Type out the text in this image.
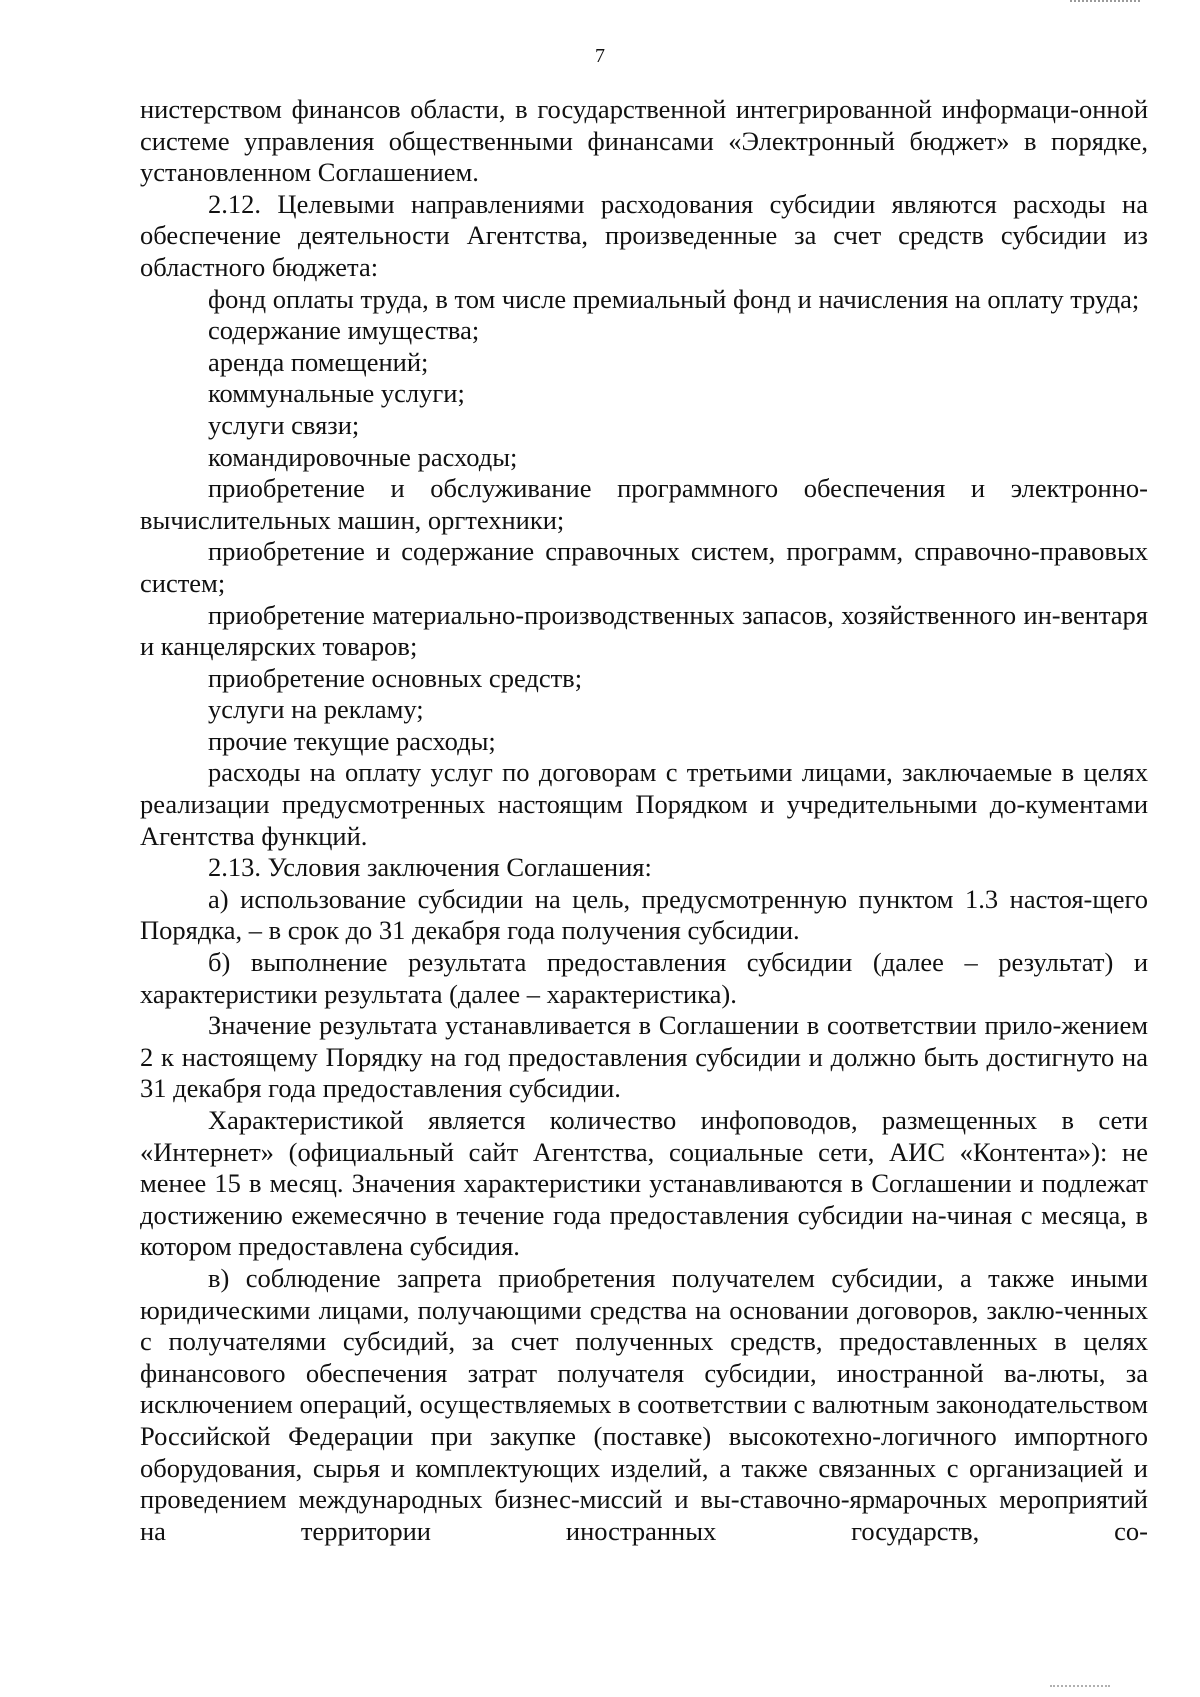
7

нистерством финансов области, в государственной интегрированной информаци-онной системе управления общественными финансами «Электронный бюджет» в порядке, установленном Соглашением.

2.12. Целевыми направлениями расходования субсидии являются расходы на обеспечение деятельности Агентства, произведенные за счет средств субсидии из областного бюджета:

фонд оплаты труда, в том числе премиальный фонд и начисления на оплату труда;

содержание имущества;

аренда помещений;

коммунальные услуги;

услуги связи;

командировочные расходы;

приобретение и обслуживание программного обеспечения и электронно-вычислительных машин, оргтехники;

приобретение и содержание справочных систем, программ, справочно-правовых систем;

приобретение материально-производственных запасов, хозяйственного ин-вентаря и канцелярских товаров;

приобретение основных средств;

услуги на рекламу;

прочие текущие расходы;

расходы на оплату услуг по договорам с третьими лицами, заключаемые в целях реализации предусмотренных настоящим Порядком и учредительными до-кументами Агентства функций.

2.13. Условия заключения Соглашения:

а) использование субсидии на цель, предусмотренную пунктом 1.3 настоя-щего Порядка, – в срок до 31 декабря года получения субсидии.

б) выполнение результата предоставления субсидии (далее – результат) и характеристики результата (далее – характеристика).

Значение результата устанавливается в Соглашении в соответствии прило-жением 2 к настоящему Порядку на год предоставления субсидии и должно быть достигнуто на 31 декабря года предоставления субсидии.

Характеристикой является количество инфоповодов, размещенных в сети «Интернет» (официальный сайт Агентства, социальные сети, АИС «Контента»): не менее 15 в месяц. Значения характеристики устанавливаются в Соглашении и подлежат достижению ежемесячно в течение года предоставления субсидии на-чиная с месяца, в котором предоставлена субсидия.

в) соблюдение запрета приобретения получателем субсидии, а также иными юридическими лицами, получающими средства на основании договоров, заклю-ченных с получателями субсидий, за счет полученных средств, предоставленных в целях финансового обеспечения затрат получателя субсидии, иностранной ва-люты, за исключением операций, осуществляемых в соответствии с валютным законодательством Российской Федерации при закупке (поставке) высокотехно-логичного импортного оборудования, сырья и комплектующих изделий, а также связанных с организацией и проведением международных бизнес-миссий и вы-ставочно-ярмарочных мероприятий на территории иностранных государств, со-
